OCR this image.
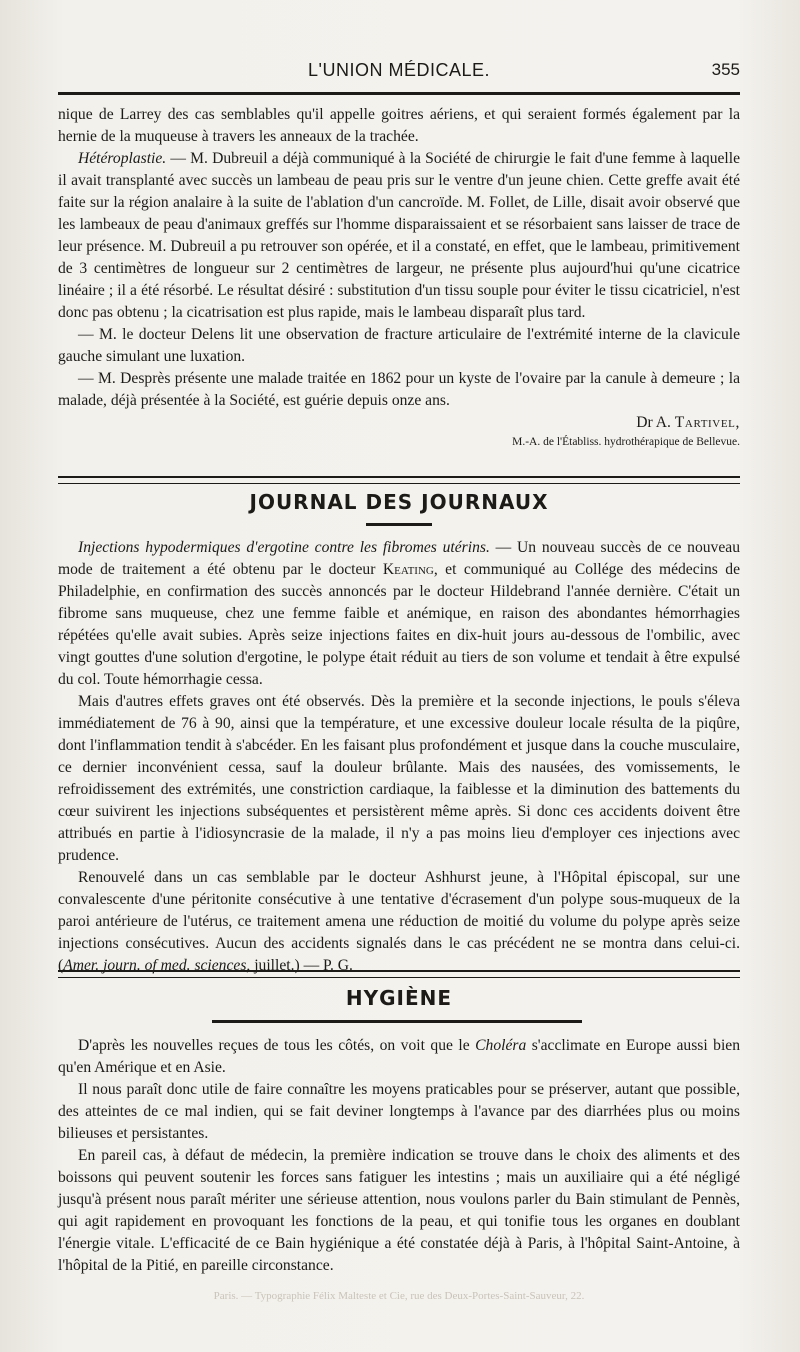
L'UNION MÉDICALE.	355

nique de Larrey des cas semblables qu'il appelle goitres aériens, et qui seraient formés également par la hernie de la muqueuse à travers les anneaux de la trachée.

Hétéroplastie. — M. Dubreuil a déjà communiqué à la Société de chirurgie le fait d'une femme à laquelle il avait transplanté avec succès un lambeau de peau pris sur le ventre d'un jeune chien. Cette greffe avait été faite sur la région analaire à la suite de l'ablation d'un cancroïde. M. Follet, de Lille, disait avoir observé que les lambeaux de peau d'animaux greffés sur l'homme disparaissaient et se résorbaient sans laisser de trace de leur présence. M. Dubreuil a pu retrouver son opérée, et il a constaté, en effet, que le lambeau, primitivement de 3 centimètres de longueur sur 2 centimètres de largeur, ne présente plus aujourd'hui qu'une cicatrice linéaire ; il a été résorbé. Le résultat désiré : substitution d'un tissu souple pour éviter le tissu cicatriciel, n'est donc pas obtenu ; la cicatrisation est plus rapide, mais le lambeau disparaît plus tard.

— M. le docteur Delens lit une observation de fracture articulaire de l'extrémité interne de la clavicule gauche simulant une luxation.

— M. Desprès présente une malade traitée en 1862 pour un kyste de l'ovaire par la canule à demeure ; la malade, déjà présentée à la Société, est guérie depuis onze ans.

Dr A. Tartivel,

M.-A. de l'Établiss. hydrothérapique de Bellevue.

JOURNAL DES JOURNAUX

Injections hypodermiques d'ergotine contre les fibromes utérins. — Un nouveau succès de ce nouveau mode de traitement a été obtenu par le docteur Keating, et communiqué au Collége des médecins de Philadelphie, en confirmation des succès annoncés par le docteur Hildebrand l'année dernière. C'était un fibrome sans muqueuse, chez une femme faible et anémique, en raison des abondantes hémorrhagies répétées qu'elle avait subies. Après seize injections faites en dix-huit jours au-dessous de l'ombilic, avec vingt gouttes d'une solution d'ergotine, le polype était réduit au tiers de son volume et tendait à être expulsé du col. Toute hémorrhagie cessa.

Mais d'autres effets graves ont été observés. Dès la première et la seconde injections, le pouls s'éleva immédiatement de 76 à 90, ainsi que la température, et une excessive douleur locale résulta de la piqûre, dont l'inflammation tendit à s'abcéder. En les faisant plus profondément et jusque dans la couche musculaire, ce dernier inconvénient cessa, sauf la douleur brûlante. Mais des nausées, des vomissements, le refroidissement des extrémités, une constriction cardiaque, la faiblesse et la diminution des battements du cœur suivirent les injections subséquentes et persistèrent même après. Si donc ces accidents doivent être attribués en partie à l'idiosyncrasie de la malade, il n'y a pas moins lieu d'employer ces injections avec prudence.

Renouvelé dans un cas semblable par le docteur Ashhurst jeune, à l'Hôpital épiscopal, sur une convalescente d'une péritonite consécutive à une tentative d'écrasement d'un polype sous-muqueux de la paroi antérieure de l'utérus, ce traitement amena une réduction de moitié du volume du polype après seize injections consécutives. Aucun des accidents signalés dans le cas précédent ne se montra dans celui-ci. (Amer. journ. of med. sciences, juillet.) — P. G.

HYGIÈNE

D'après les nouvelles reçues de tous les côtés, on voit que le Choléra s'acclimate en Europe aussi bien qu'en Amérique et en Asie.

Il nous paraît donc utile de faire connaître les moyens praticables pour se préserver, autant que possible, des atteintes de ce mal indien, qui se fait deviner longtemps à l'avance par des diarrhées plus ou moins bilieuses et persistantes.

En pareil cas, à défaut de médecin, la première indication se trouve dans le choix des aliments et des boissons qui peuvent soutenir les forces sans fatiguer les intestins ; mais un auxiliaire qui a été négligé jusqu'à présent nous paraît mériter une sérieuse attention, nous voulons parler du Bain stimulant de Pennès, qui agit rapidement en provoquant les fonctions de la peau, et qui tonifie tous les organes en doublant l'énergie vitale. L'efficacité de ce Bain hygiénique a été constatée déjà à Paris, à l'hôpital Saint-Antoine, à l'hôpital de la Pitié, en pareille circonstance.

Paris. — Typographie Félix Malteste et Cie, rue des Deux-Portes-Saint-Sauveur, 22.
